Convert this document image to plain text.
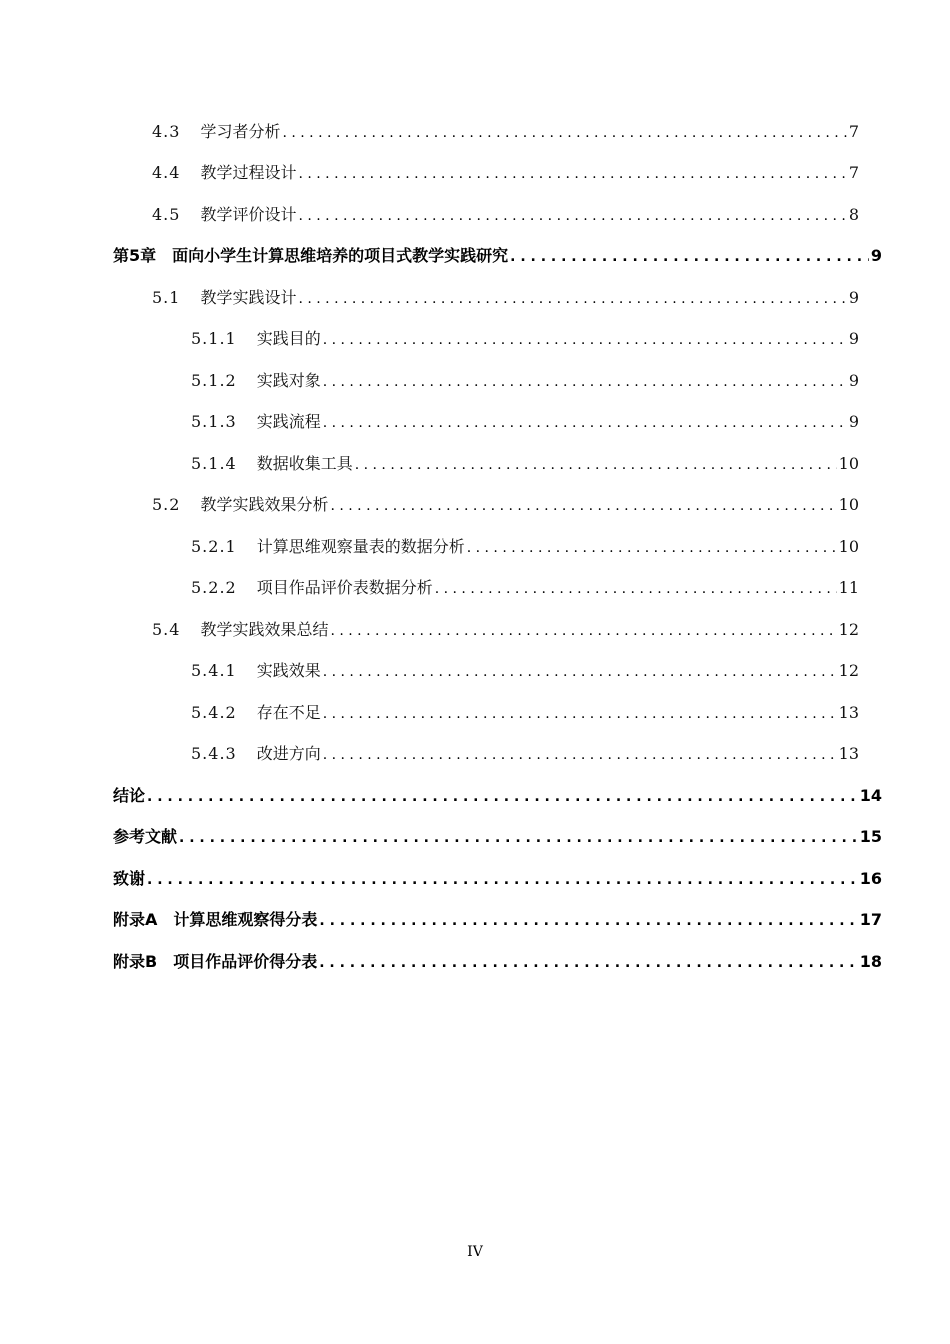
4.3 学习者分析 . . .	7
4.4 教学过程设计 . . .	7
4.5 教学评价设计 . . .	8
第5章 面向小学生计算思维培养的项目式教学实践研究 . . .	9
5.1 教学实践设计 . . .	9
5.1.1 实践目的 . . .	9
5.1.2 实践对象 . . .	9
5.1.3 实践流程 . . .	9
5.1.4 数据收集工具 . . .	10
5.2 教学实践效果分析 . . .	10
5.2.1 计算思维观察量表的数据分析 . . .	10
5.2.2 项目作品评价表数据分析 . . .	11
5.4 教学实践效果总结 . . .	12
5.4.1 实践效果 . . .	12
5.4.2 存在不足 . . .	13
5.4.3 改进方向 . . .	13
结论 . . .	14
参考文献 . . .	15
致谢 . . .	16
附录A 计算思维观察得分表 . . .	17
附录B 项目作品评价得分表 . . .	18
IV
